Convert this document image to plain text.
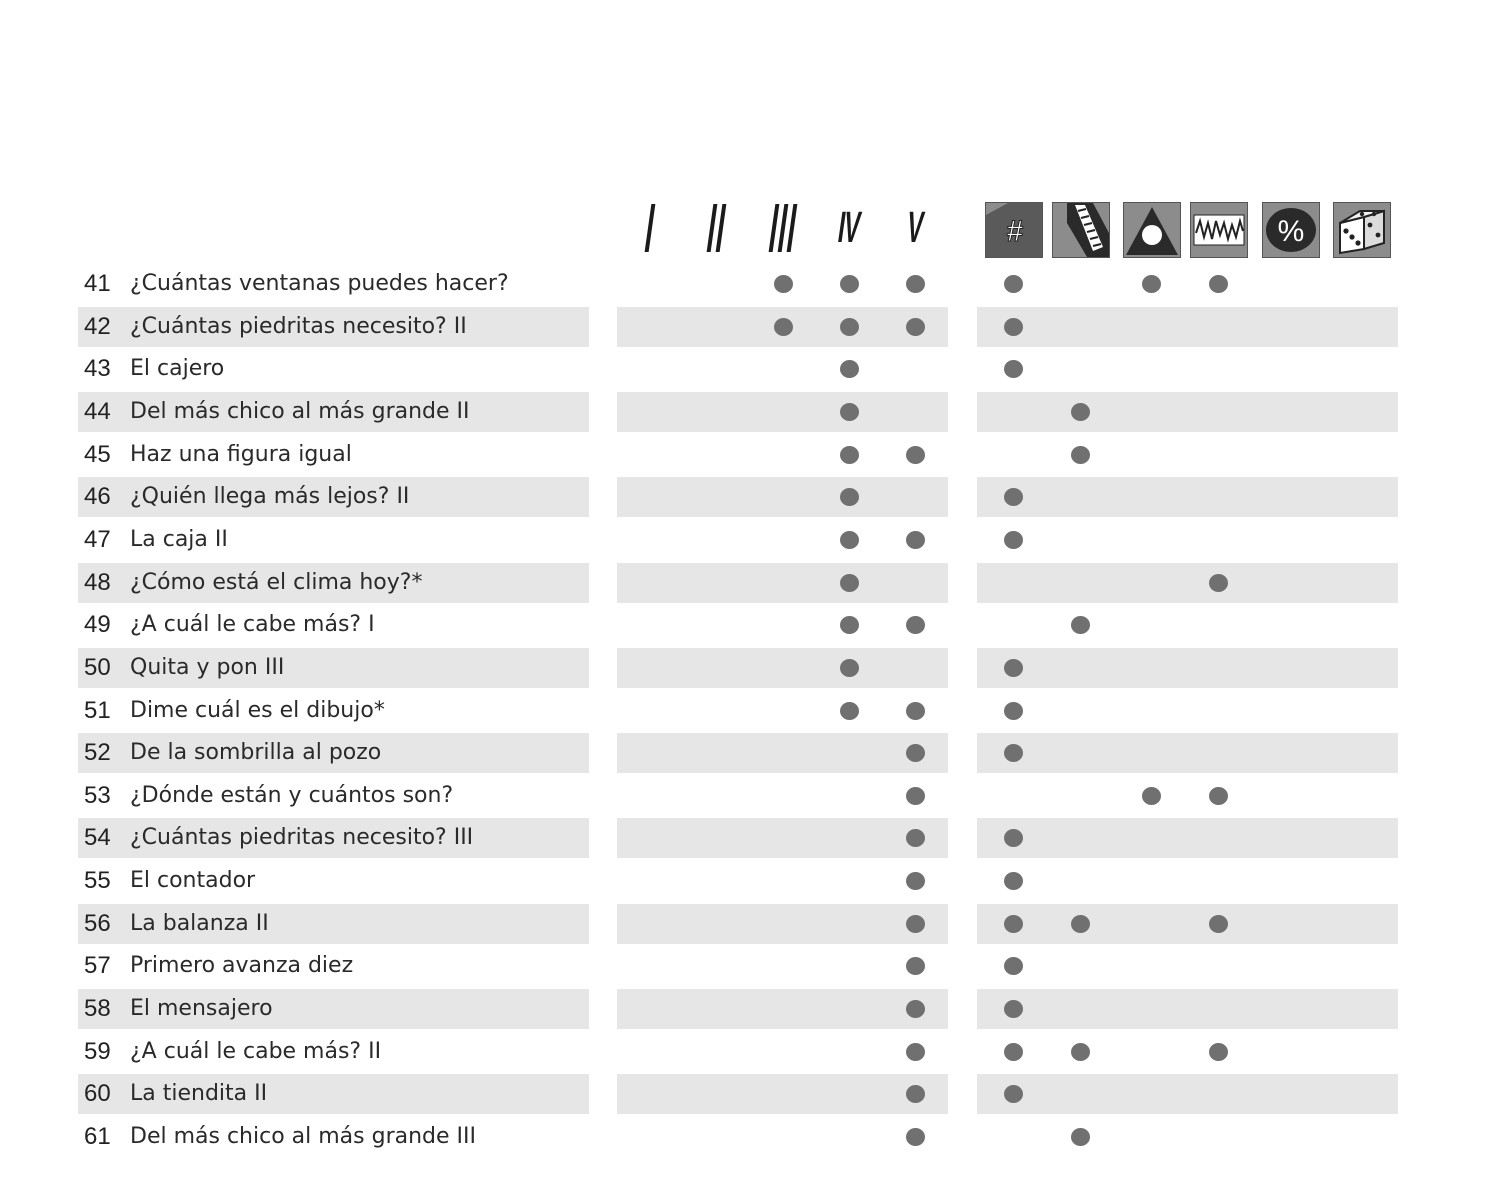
IV V	#	%
41 ¿Cuántas ventanas puedes hacer?
42 ¿Cuántas piedritas necesito? II
43 El cajero
44 Del más chico al más grande II
45 Haz una figura igual
46 ¿Quién llega más lejos? II
47 La caja II
48 ¿Cómo está el clima hoy?*
49 ¿A cuál le cabe más? I
50 Quita y pon III
51 Dime cuál es el dibujo*
52 De la sombrilla al pozo
53 ¿Dónde están y cuántos son?
54 ¿Cuántas piedritas necesito? III
55 El contador
56 La balanza II
57 Primero avanza diez
58 El mensajero
59 ¿A cuál le cabe más? II
60 La tiendita II
61 Del más chico al más grande III
